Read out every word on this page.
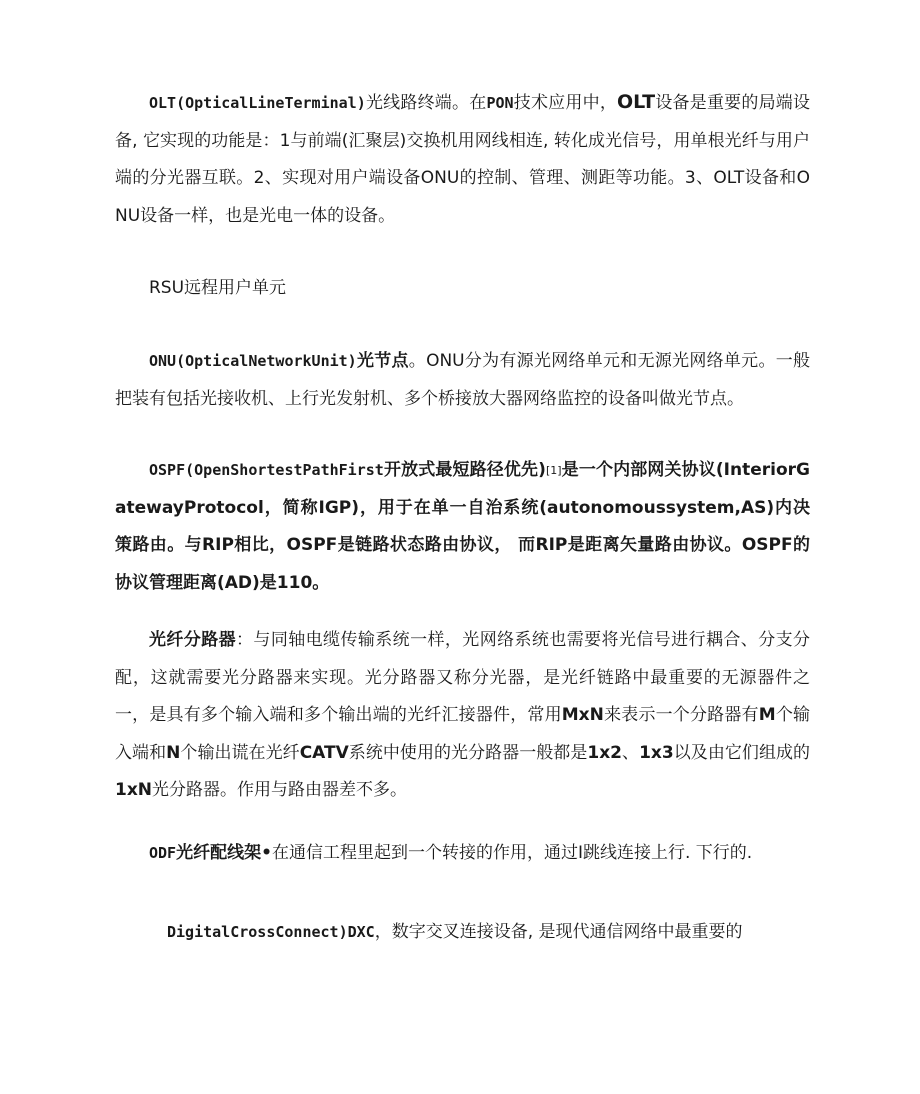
OLT(OpticalLineTerminal)光线路终端。在PON技术应用中，OLT设备是重要的局端设备, 它实现的功能是：1与前端(汇聚层)交换机用网线相连, 转化成光信号，用单根光纤与用户端的分光器互联。2、实现对用户端设备ONU的控制、管理、测距等功能。3、OLT设备和ONU设备一样，也是光电一体的设备。

RSU远程用户单元

ONU(OpticalNetworkUnit)光节点。ONU分为有源光网络单元和无源光网络单元。一般把装有包括光接收机、上行光发射机、多个桥接放大器网络监控的设备叫做光节点。

OSPF(OpenShortestPathFirst开放式最短路径优先)[1]是一个内部网关协议(InteriorGatewayProtocol，简称IGP)，用于在单一自治系统(autonomoussystem,AS)内决策路由。与RIP相比，OSPF是链路状态路由协议， 而RIP是距离矢量路由协议。OSPF的协议管理距离(AD)是110。

光纤分路器：与同轴电缆传输系统一样，光网络系统也需要将光信号进行耦合、分支分配，这就需要光分路器来实现。光分路器又称分光器，是光纤链路中最重要的无源器件之一，是具有多个输入端和多个输出端的光纤汇接器件，常用MxN来表示一个分路器有M个输入端和N个输出谎在光纤CATV系统中使用的光分路器一般都是1x2、1x3以及由它们组成的1xN光分路器。作用与路由器差不多。

ODF光纤配线架•在通信工程里起到一个转接的作用，通过I跳线连接上行. 下行的.

DigitalCrossConnect)DXC，数字交叉连接设备, 是现代通信网络中最重要的
